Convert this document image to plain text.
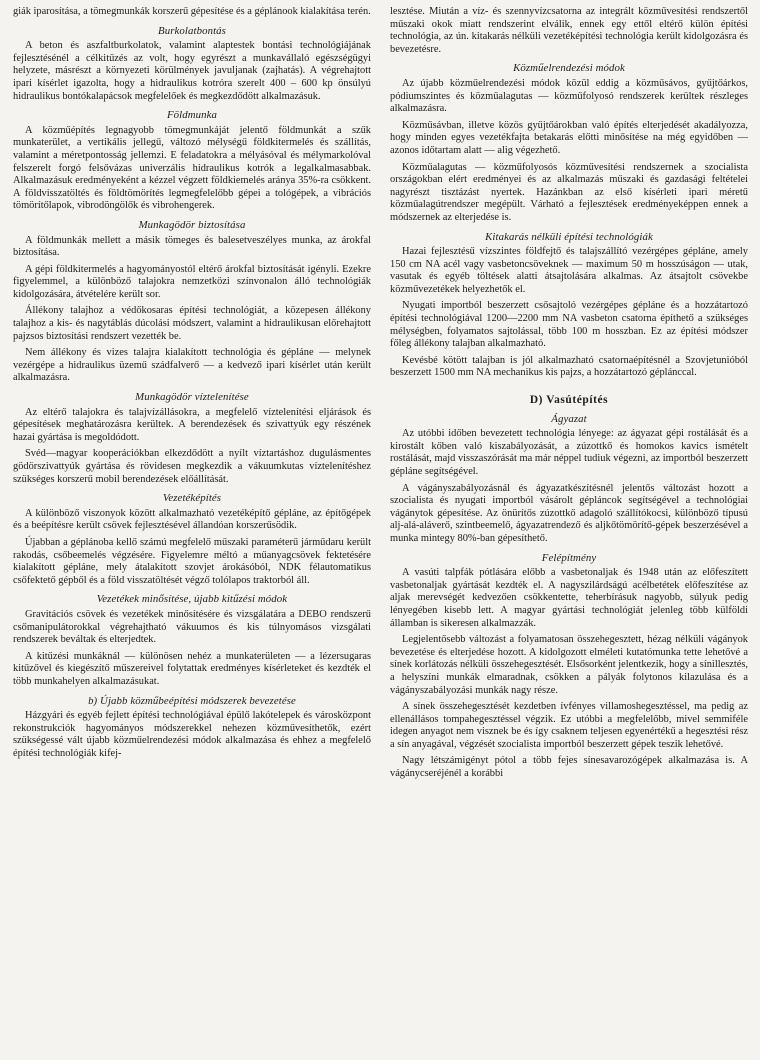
giák iparosítása, a tömegmunkák korszerű gépesítése és a géplánook kialakítása terén.

Burkolatbontás

A beton és aszfaltburkolatok, valamint alaptestek bontási technológiájának fejlesztésénél a célkitűzés az volt, hogy egyrészt a munkavállaló egészségügyi helyzete, másrészt a környezeti körülmények javuljanak (zajhatás). A végrehajtott ipari kísérlet igazolta, hogy a hidraulikus kotróra szerelt 400 – 600 kp önsúlyú hidraulikus bontókalapácsok megfelelőek és megkezdődött alkalmazásuk.

Földmunka

A közműépítés legnagyobb tömegmunkáját jelentő földmunkát a szűk munkaterület, a vertikális jellegű, változó mélységű földkitermelés és szállítás, valamint a méretpontosság jellemzi. E feladatokra a mélyásóval és mélymarkolóval felszerelt forgó felsővázas univerzális hidraulikus kotrók a legalkalmasabbak. Alkalmazásuk eredményeként a kézzel végzett földkiemelés aránya 35%-ra csökkent. A földvisszatöltés és földtömörítés legmegfelelőbb gépei a tológépek, a vibrációs tömörítőlapok, vibrodöngölők és vibrohengerek.

Munkagödör biztosítása

A földmunkák mellett a másik tömeges és balesetveszélyes munka, az árokfal biztosítása.

A gépi földkitermelés a hagyományostól eltérő árokfal biztosítását igényli. Ezekre figyelemmel, a különböző talajokra nemzetközi színvonalon álló technológiák kidolgozására, átvételére került sor.

Állékony talajhoz a védőkosaras építési technológiát, a közepesen állékony talajhoz a kis- és nagytáblás dúcolási módszert, valamint a hidraulikusan előrehajtott pajzsos biztosítási rendszert vezették be.

Nem állékony és vizes talajra kialakított technológia és gépláne — melynek vezérgépe a hidraulikus üzemű szádfalverő — a kedvező ipari kísérlet után került alkalmazásra.

Munkagödör víztelenítése

Az eltérő talajokra és talajvízállásokra, a megfelelő víztelenítési eljárások és gépesítések meghatározásra kerültek. A berendezések és szivattyúk egy részének hazai gyártása is megoldódott.

Svéd—magyar kooperációkban elkezdődött a nyílt víztartáshoz dugulásmentes gödörszivattyúk gyártása és rövidesen megkezdik a vákuumkutas víztelenítéshez szükséges korszerű mobil berendezések előállítását.

Vezetéképítés

A különböző viszonyok között alkalmazható vezetéképítő gépláne, az építőgépek és a beépítésre került csövek fejlesztésével állandóan korszerűsödik.

Újabban a géplánoba kellő számú megfelelő műszaki paraméterű járműdaru került rakodás, csőbeemelés végzésére. Figyelemre méltó a műanyagcsövek fektetésére kialakított gépláne, mely átalakított szovjet árokásóból, NDK félautomatikus csőfektető gépből és a föld visszatöltését végző tolólapos traktorból áll.

Vezetékek minősítése, újabb kitűzési módok

Gravitációs csövek és vezetékek minősítésére és vizsgálatára a DEBO rendszerű csőmanipulátorokkal végrehajtható vákuumos és kis túlnyomásos vizsgálati rendszerek beváltak és elterjedtek.

A kitűzési munkáknál — különösen nehéz a munkaterületen — a lézersugaras kitűzővel és kiegészítő műszereivel folytattak eredményes kísérleteket és kezdték el több munkahelyen alkalmazásukat.

b) Újabb közműbeépítési módszerek bevezetése

Házgyári és egyéb fejlett építési technológiával épülő lakótelepek és városközpont rekonstrukciók hagyományos módszerekkel nehezen közművesíthetők, ezért szükségessé vált újabb közműelrendezési módok alkalmazása és ehhez a megfelelő építési technológiák kifej-

lesztése. Miután a víz- és szennyvízcsatorna az integrált közművesítési rendszertől műszaki okok miatt rendszerint elválik, ennek egy ettől eltérő külön építési technológia, az ún. kitakarás nélküli vezetéképítési technológia került kidolgozásra és bevezetésre.

Közműelrendezési módok

Az újabb közműelrendezési módok közül eddig a közműsávos, gyűjtőárkos, pódiumszintes és közműalagutas — közműfolyosó rendszerek kerültek részleges alkalmazásra.

Közműsávban, illetve közös gyűjtőárokban való építés elterjedését akadályozza, hogy minden egyes vezetékfajta betakarás előtti minősítése na még egyidőben — azonos időtartam alatt — alig végezhető.

Közműalagutas — közműfolyosós közművesítési rendszernek a szocialista országokban elért eredményei és az alkalmazás műszaki és gazdasági feltételei nagyrészt tisztázást nyertek. Hazánkban az első kísérleti ipari méretű közműalagútrendszer megépült. Várható a fejlesztések eredményeképpen ennek a módszernek az elterjedése is.

Kitakarás nélküli építési technológiák

Hazai fejlesztésű vízszintes földfejtő és talajszállító vezérgépes gépláne, amely 150 cm NA acél vagy vasbetoncsöveknek — maximum 50 m hosszúságon — utak, vasutak és egyéb töltések alatti átsajtolására alkalmas. Az átsajtolt csövekbe közművezetékek helyezhetők el.

Nyugati importból beszerzett csősajtoló vezérgépes gépláne és a hozzátartozó építési technológiával 1200—2200 mm NA vasbeton csatorna építhető a szükséges mélységben, folyamatos sajtolással, több 100 m hosszban. Ez az építési módszer főleg állékony talajban alkalmazható.

Kevésbé kötött talajban is jól alkalmazható csatornaépítésnél a Szovjetunióból beszerzett 1500 mm NA mechanikus kis pajzs, a hozzátartozó géplánccal.

D) Vasútépítés
Ágyazat

Az utóbbi időben bevezetett technológia lényege: az ágyazat gépi rostálását és a kirostált kőben való kiszabályozását, a zúzottkő és homokos kavics ismételt rostálását, majd visszaszórását ma már néppel tudiuk végezni, az importból beszerzett gépláne segítségével.

A vágányszabályozásnál és ágyazatkészítésnél jelentős változást hozott a szocialista és nyugati importból vásárolt gépláncok segítségével a technológiai vágánytok gépesítése. Az önürítős zúzottkő adagoló szállítókocsi, különböző típusú alj-alá-aláverő, szintbeemelő, ágyazatrendező és aljkőtömörítő-gépek beszerzésével a munka mintegy 80%-ban gépesíthető.

Felépítmény

A vasúti talpfák pótlására előbb a vasbetonaljak és 1948 után az előfeszített vasbetonaljak gyártását kezdték el. A nagyszilárdságú acélbetétek előfeszítése az aljak merevségét kedvezően csökkentette, teherbírásuk nagyobb, súlyuk pedig lényegében kisebb lett. A magyar gyártási technológiát jelenleg több külföldi államban is sikeresen alkalmazzák.

Legjelentősebb változást a folyamatosan összehegesztett, hézag nélküli vágányok bevezetése és elterjedése hozott. A kidolgozott elméleti kutatómunka tette lehetővé a sínek korlátozás nélküli összehegesztését. Elsősorként jelentkezik, hogy a sínillesztés, a helyszíni munkák elmaradnak, csökken a pályák folytonos kilazulása és a vágányszabályozási munkák nagy része.

A sínek összehegesztését kezdetben ívfényes villamoshegesztéssel, ma pedig az ellenállásos tompahegesztéssel végzik. Ez utóbbi a megfelelőbb, mivel semmiféle idegen anyagot nem visznek be és így csaknem teljesen egyenértékű a hegesztési rész a sín anyagával, végzését szocialista importból beszerzett gépek teszik lehetővé.

Nagy létszámigényt pótol a több fejes sínesavarozógépek alkalmazása is. A vágánycseréjénél a korábbi
